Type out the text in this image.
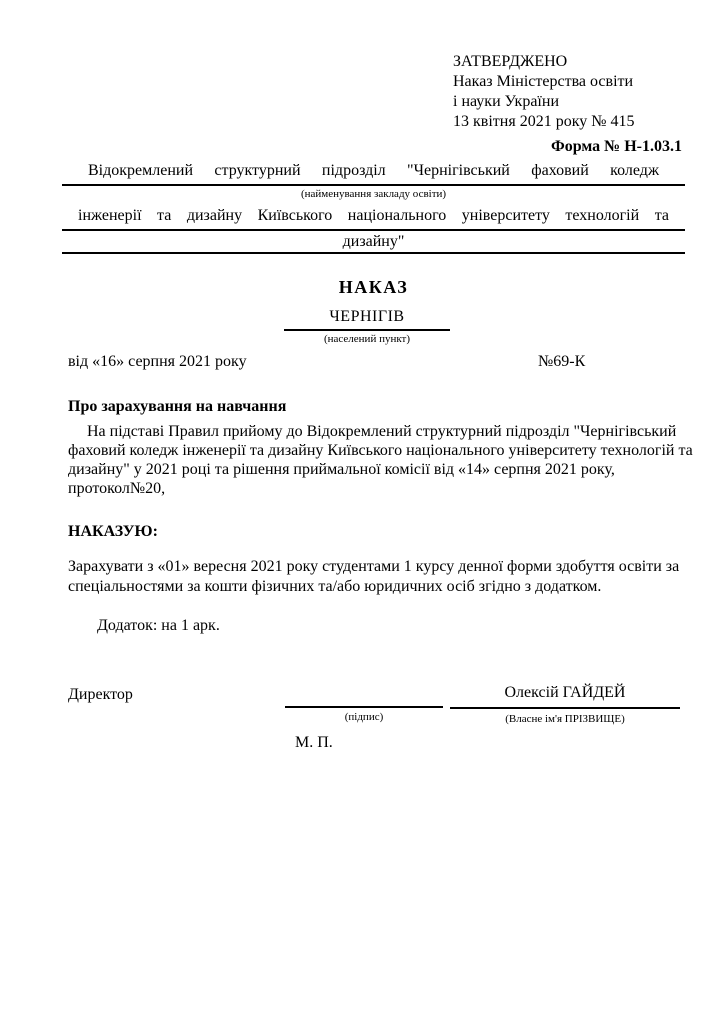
ЗАТВЕРДЖЕНО
Наказ Міністерства освіти
і науки України
13 квітня 2021 року № 415
Форма № Н-1.03.1
Відокремлений структурний підрозділ "Чернігівський фаховий коледж
(найменування закладу освіти)
інженерії та дизайну Київського національного університету технологій та
дизайну"
НАКАЗ
ЧЕРНІГІВ
(населений пункт)
від «16» серпня 2021 року	№69-К
Про зарахування на навчання
На підставі Правил прийому до Відокремлений структурний підрозділ "Чернігівський фаховий коледж інженерії та дизайну Київського національного університету технологій та дизайну" у 2021 році та рішення приймальної комісії від «14» серпня 2021 року, протокол№20,
НАКАЗУЮ:
Зарахувати з «01» вересня 2021 року студентами 1 курсу денної форми здобуття освіти за спеціальностями за кошти фізичних та/або юридичних осіб згідно з додатком.
Додаток: на 1 арк.
Директор
(підпис)
Олексій ГАЙДЕЙ
(Власне ім'я ПРІЗВИЩЕ)
М. П.
